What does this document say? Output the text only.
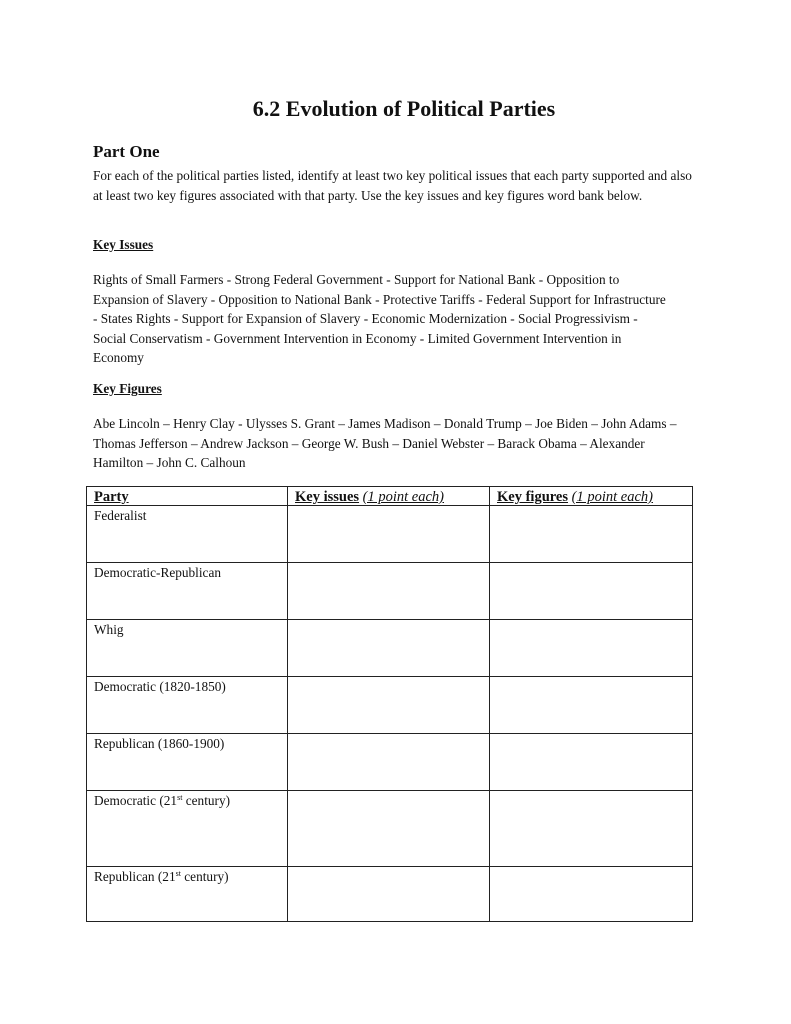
6.2 Evolution of Political Parties
Part One

For each of the political parties listed, identify at least two key political issues that each party supported and also at least two key figures associated with that party. Use the key issues and key figures word bank below.

Key Issues

Rights of Small Farmers - Strong Federal Government - Support for National Bank - Opposition to Expansion of Slavery - Opposition to National Bank - Protective Tariffs - Federal Support for Infrastructure - States Rights - Support for Expansion of Slavery - Economic Modernization - Social Progressivism - Social Conservatism - Government Intervention in Economy - Limited Government Intervention in Economy

Key Figures

Abe Lincoln – Henry Clay - Ulysses S. Grant – James Madison – Donald Trump – Joe Biden – John Adams – Thomas Jefferson – Andrew Jackson – George W. Bush – Daniel Webster – Barack Obama – Alexander Hamilton – John C. Calhoun

Party	Key issues (1 point each)	Key figures (1 point each)
Federalist		
Democratic-Republican		
Whig		
Democratic (1820-1850)		
Republican (1860-1900)		
Democratic (21st century)		
Republican (21st century)		
